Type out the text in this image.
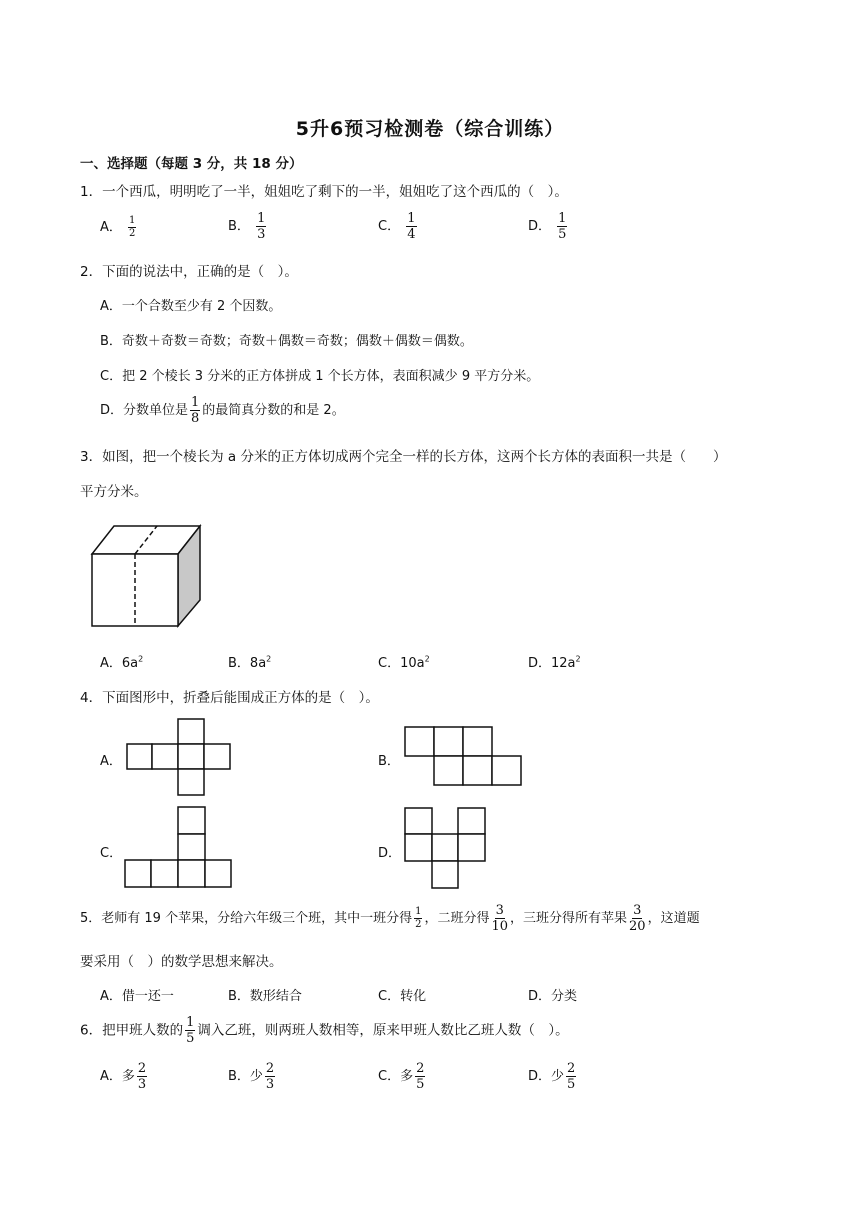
5升6预习检测卷（综合训练）
一、选择题（每题 3 分，共 18 分）
1．一个西瓜，明明吃了一半，姐姐吃了剩下的一半，姐姐吃了这个西瓜的（　）。
A． $\frac{1}{2}$	B． $\frac{1}{3}$	C． $\frac{1}{4}$	D． $\frac{1}{5}$
2．下面的说法中，正确的是（　）。
A．一个合数至少有 2 个因数。
B．奇数＋奇数＝奇数；奇数＋偶数＝奇数；偶数＋偶数＝偶数。
C．把 2 个棱长 3 分米的正方体拼成 1 个长方体，表面积减少 9 平方分米。
D．分数单位是 $\frac{1}{8}$ 的最简真分数的和是 2。
3．如图，把一个棱长为 a 分米的正方体切成两个完全一样的长方体，这两个长方体的表面积一共是（　　）
平方分米。
A．$6a^2$	B．$8a^2$	C．$10a^2$	D．$12a^2$
4．下面图形中，折叠后能围成正方体的是（　）。
A．	B．
C．	D．
5．老师有 19 个苹果，分给六年级三个班，其中一班分得 $\frac{1}{2}$ ，二班分得 $\frac{3}{10}$ ，三班分得所有苹果 $\frac{3}{20}$ ，这道题
要采用（　）的数学思想来解决。
A．借一还一	B．数形结合	C．转化	D．分类
6．把甲班人数的 $\frac{1}{5}$ 调入乙班，则两班人数相等，原来甲班人数比乙班人数（　）。
A．多 $\frac{2}{3}$	B．少 $\frac{2}{3}$	C．多 $\frac{2}{5}$	D．少 $\frac{2}{5}$
